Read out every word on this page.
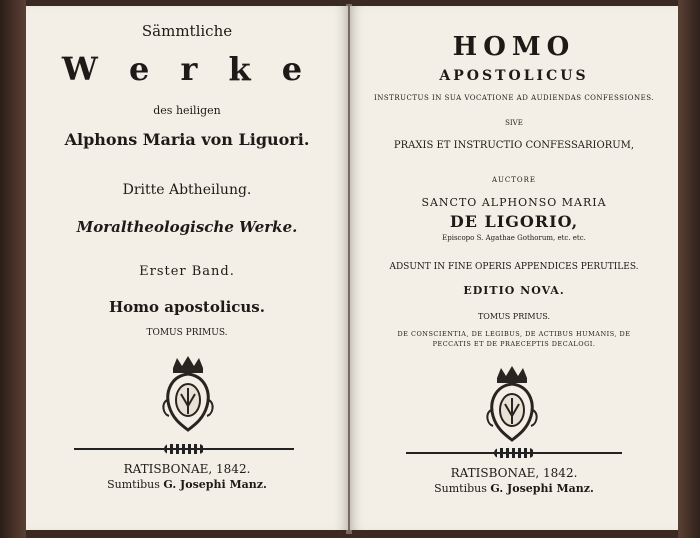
Sämmtliche
W e r k e
des heiligen
Alphons Maria von Liguori.
Dritte Abtheilung.
Moraltheologische Werke.
Erster Band.
Homo apostolicus.
TOMUS PRIMUS.
RATISBONAE, 1842.
Sumtibus G. Josephi Manz.
HOMO
APOSTOLICUS
INSTRUCTUS IN SUA VOCATIONE AD AUDIENDAS CONFESSIONES.
SIVE
PRAXIS ET INSTRUCTIO CONFESSARIORUM,
AUCTORE
SANCTO ALPHONSO MARIA
DE LIGORIO,
Episcopo S. Agathae Gothorum, etc. etc.
ADSUNT IN FINE OPERIS APPENDICES PERUTILES.
EDITIO NOVA.
TOMUS PRIMUS.
DE CONSCIENTIA, DE LEGIBUS, DE ACTIBUS HUMANIS, DE
PECCATIS ET DE PRAECEPTIS DECALOGI.
RATISBONAE, 1842.
Sumtibus G. Josephi Manz.
